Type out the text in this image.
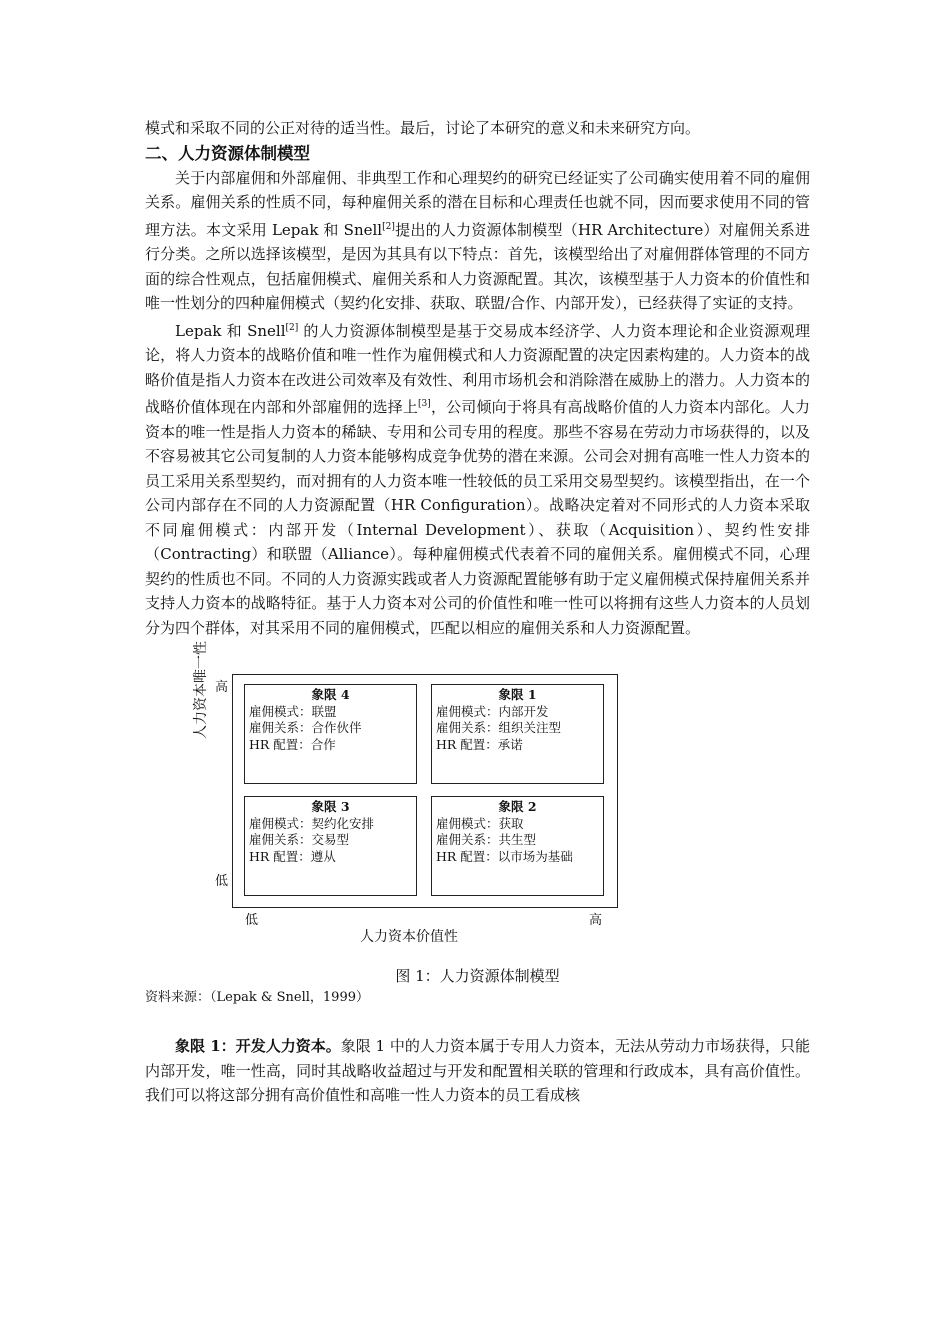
模式和采取不同的公正对待的适当性。最后，讨论了本研究的意义和未来研究方向。

二、人力资源体制模型

关于内部雇佣和外部雇佣、非典型工作和心理契约的研究已经证实了公司确实使用着不同的雇佣关系。雇佣关系的性质不同，每种雇佣关系的潜在目标和心理责任也就不同，因而要求使用不同的管理方法。本文采用 Lepak 和 Snell[2]提出的人力资源体制模型（HR Architecture）对雇佣关系进行分类。之所以选择该模型，是因为其具有以下特点：首先，该模型给出了对雇佣群体管理的不同方面的综合性观点，包括雇佣模式、雇佣关系和人力资源配置。其次，该模型基于人力资本的价值性和唯一性划分的四种雇佣模式（契约化安排、获取、联盟/合作、内部开发），已经获得了实证的支持。

Lepak 和 Snell[2] 的人力资源体制模型是基于交易成本经济学、人力资本理论和企业资源观理论，将人力资本的战略价值和唯一性作为雇佣模式和人力资源配置的决定因素构建的。人力资本的战略价值是指人力资本在改进公司效率及有效性、利用市场机会和消除潜在威胁上的潜力。人力资本的战略价值体现在内部和外部雇佣的选择上[3]，公司倾向于将具有高战略价值的人力资本内部化。人力资本的唯一性是指人力资本的稀缺、专用和公司专用的程度。那些不容易在劳动力市场获得的，以及不容易被其它公司复制的人力资本能够构成竞争优势的潜在来源。公司会对拥有高唯一性人力资本的员工采用关系型契约，而对拥有的人力资本唯一性较低的员工采用交易型契约。该模型指出，在一个公司内部存在不同的人力资源配置（HR Configuration）。战略决定着对不同形式的人力资本采取不同雇佣模式：内部开发（Internal Development）、获取（Acquisition）、契约性安排（Contracting）和联盟（Alliance）。每种雇佣模式代表着不同的雇佣关系。雇佣模式不同，心理契约的性质也不同。不同的人力资源实践或者人力资源配置能够有助于定义雇佣模式保持雇佣关系并支持人力资本的战略特征。基于人力资本对公司的价值性和唯一性可以将拥有这些人力资本的人员划分为四个群体，对其采用不同的雇佣模式，匹配以相应的雇佣关系和人力资源配置。

人力资本唯一性 高
低
象限 4
雇佣模式：联盟
雇佣关系：合作伙伴
HR 配置：合作
象限 1
雇佣模式：内部开发
雇佣关系：组织关注型
HR 配置：承诺
象限 3
雇佣模式：契约化安排
雇佣关系：交易型
HR 配置：遵从
象限 2
雇佣模式：获取
雇佣关系：共生型
HR 配置：以市场为基础
低	高
人力资本价值性
图 1：人力资源体制模型
资料来源：（Lepak & Snell，1999）

象限 1：开发人力资本。象限 1 中的人力资本属于专用人力资本，无法从劳动力市场获得，只能内部开发，唯一性高，同时其战略收益超过与开发和配置相关联的管理和行政成本，具有高价值性。我们可以将这部分拥有高价值性和高唯一性人力资本的员工看成核
